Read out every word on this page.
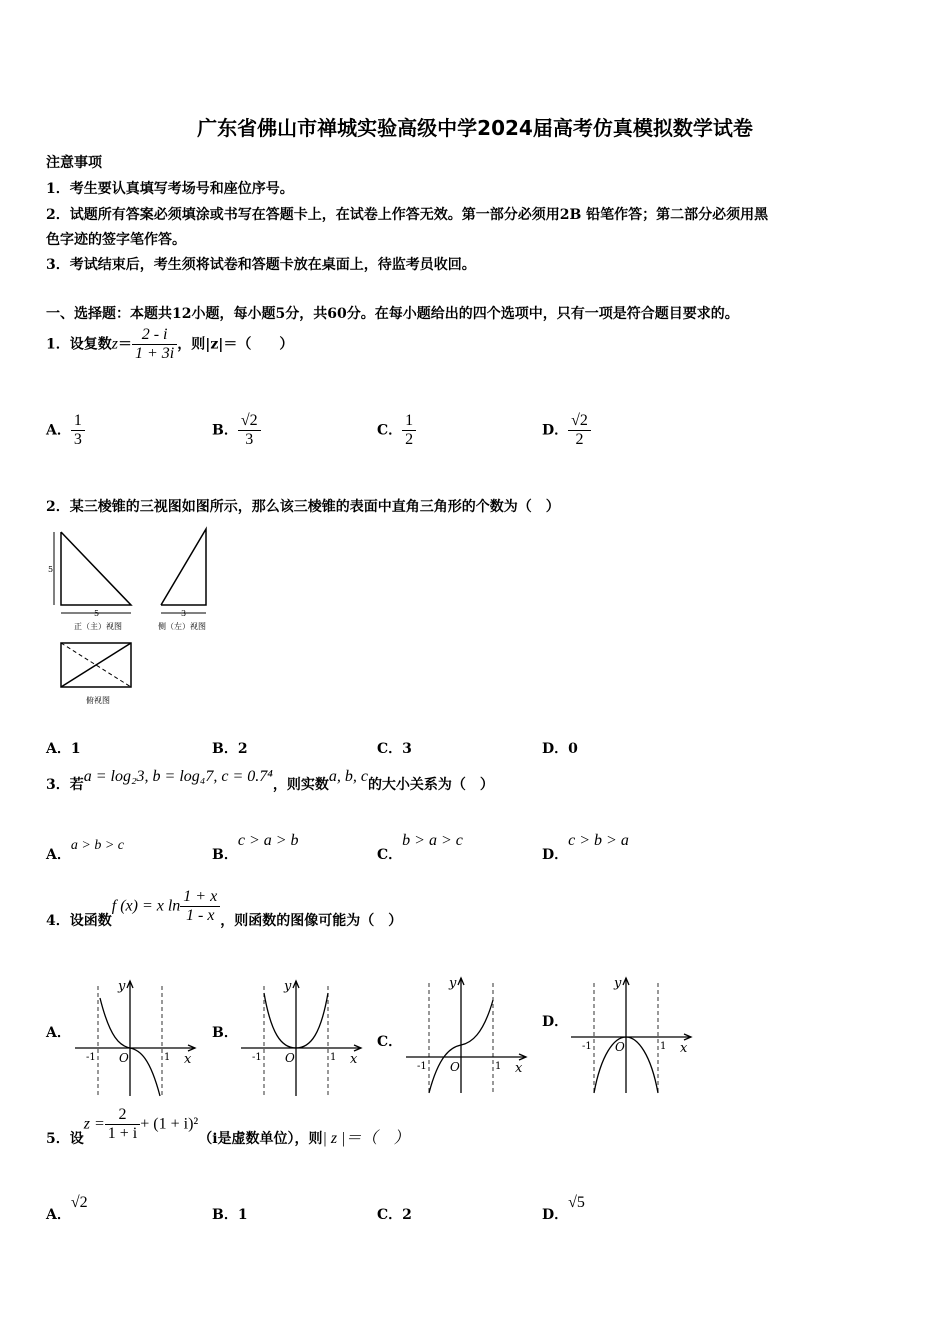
广东省佛山市禅城实验高级中学2024届高考仿真模拟数学试卷
注意事项
1．考生要认真填写考场号和座位序号。
2．试题所有答案必须填涂或书写在答题卡上，在试卷上作答无效。第一部分必须用2B 铅笔作答；第二部分必须用黑
色字迹的签字笔作答。
3．考试结束后，考生须将试卷和答题卡放在桌面上，待监考员收回。
一、选择题：本题共12小题，每小题5分，共60分。在每小题给出的四个选项中，只有一项是符合题目要求的。
1．设复数$z= \frac{2 - i}{1 + 3i}$ ，则|z|＝（　　）
A． $\frac{1}{3}$	B． $\frac{√2}{3}$	C． $\frac{1}{2}$	D． $\frac{√2}{2}$
2．某三棱锥的三视图如图所示，那么该三棱锥的表面中直角三角形的个数为（　）
5
5	3
正（主）视图	侧（左）视图
俯视图
A．1	B．2	C．3	D．0
3．若a = log₂3, b = log₄7, c = 0.7⁴，则实数a, b, c的大小关系为（　）
A．a > b > c
B．c > a > b
C．b > a > c
D．c > b > a
4．设函数f (x) = x $\ln \frac{1 + x}{1 - x}$ ，则函数的图像可能为（　）
A．
y
x
O
-1	1
B．
y
x
O
-1	1
C．
y
x
O
-1	1
D．
y
x
O
-1	1
5．设$z = \frac{2}{1 + i} + (1 + i)^2(i$是虚数单位），则| z |＝（　）
A．√2
B．1	C．2	D．√5
